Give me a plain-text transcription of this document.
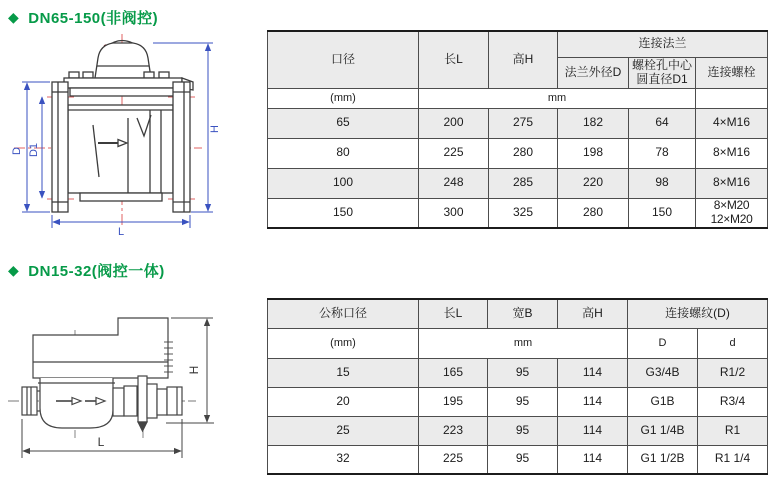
◆ DN65-150(非阀控)
D D1
H
L
口径	长L	高H	连接法兰		
			法兰外径D	螺栓孔中心
圆直径D1	连接螺栓
(mm)	mm				
65	200	275	182	64	4×M16
80	225	280	198	78	8×M16
100	248	285	220	98	8×M16
150	300	325	280	150	8×M20 12×M20
◆ DN15-32(阀控一体)
H
L
公称口径	长L	宽B	高H	连接螺纹(D)	
(mm)	mm			D	d
15	165	95	114	G3/4B	R1/2
20	195	95	114	G1B	R3/4
25	223	95	114	G1 1/4B	R1
32	225	95	114	G1 1/2B	R1 1/4
